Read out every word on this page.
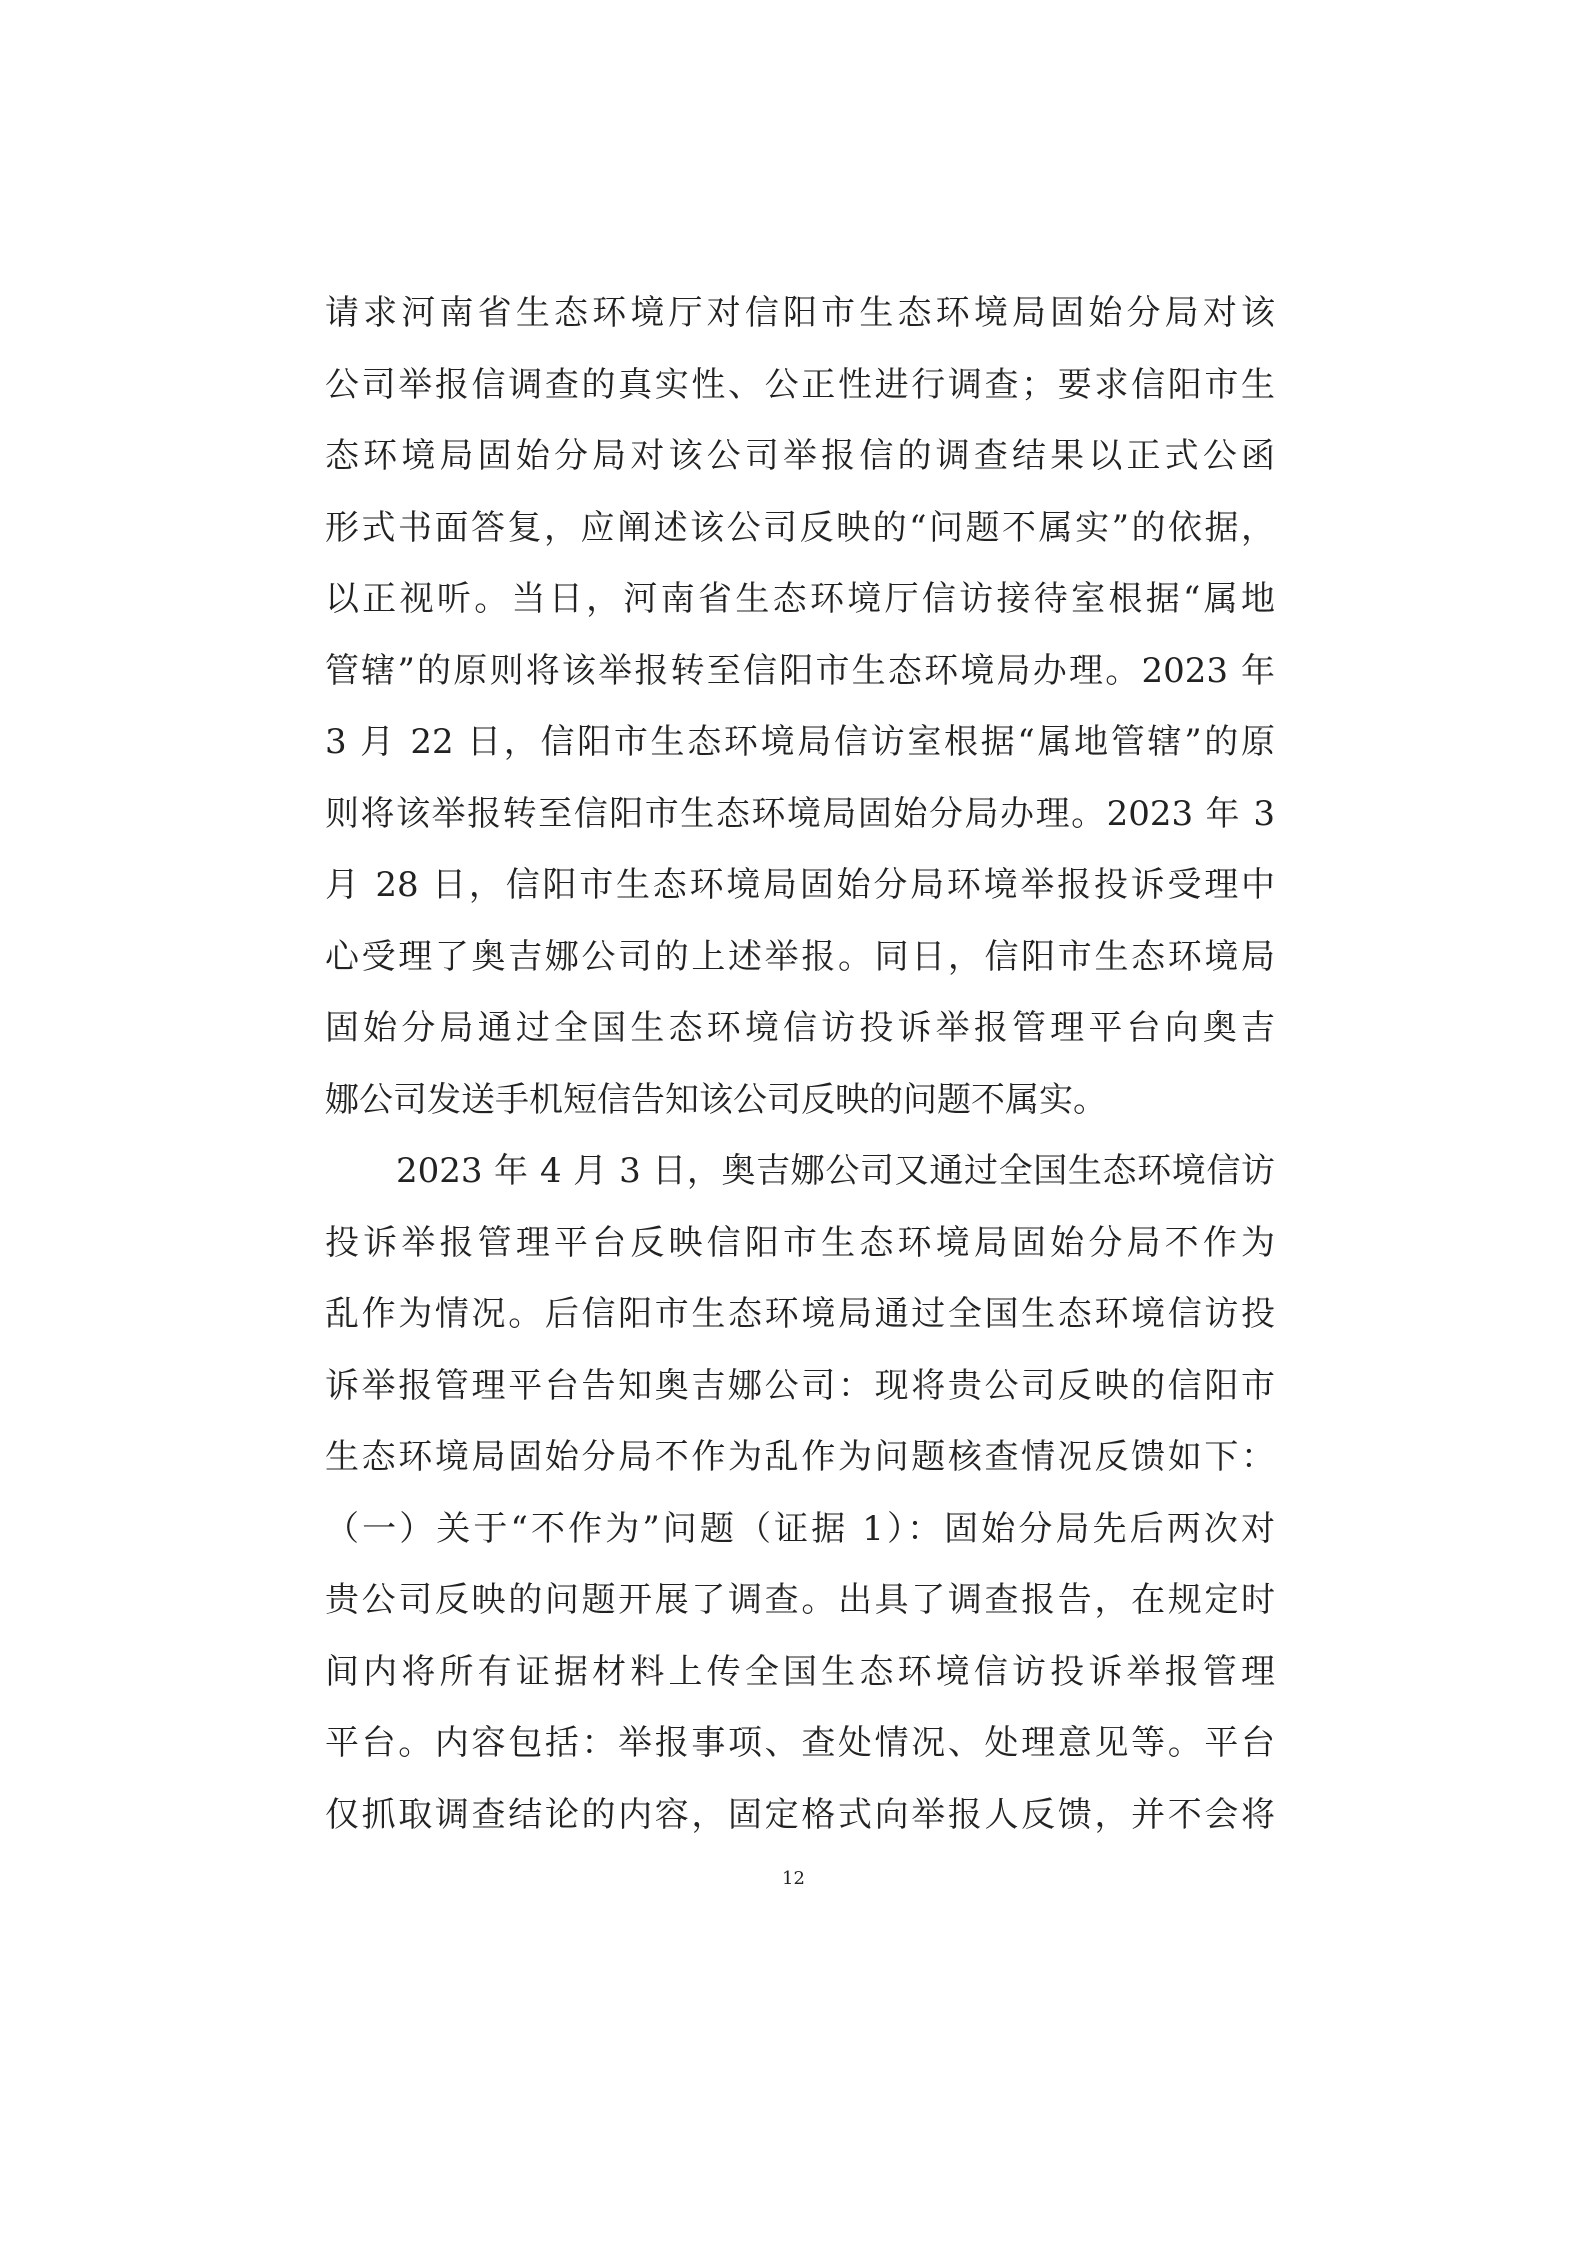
请求河南省生态环境厅对信阳市生态环境局固始分局对该
公司举报信调查的真实性、公正性进行调查；要求信阳市生
态环境局固始分局对该公司举报信的调查结果以正式公函
形式书面答复，应阐述该公司反映的“问题不属实”的依据，
以正视听。当日，河南省生态环境厅信访接待室根据“属地
管辖”的原则将该举报转至信阳市生态环境局办理。2023 年
3 月 22 日，信阳市生态环境局信访室根据“属地管辖”的原
则将该举报转至信阳市生态环境局固始分局办理。2023 年 3
月 28 日，信阳市生态环境局固始分局环境举报投诉受理中
心受理了奥吉娜公司的上述举报。同日，信阳市生态环境局
固始分局通过全国生态环境信访投诉举报管理平台向奥吉
娜公司发送手机短信告知该公司反映的问题不属实。
2023 年 4 月 3 日，奥吉娜公司又通过全国生态环境信访
投诉举报管理平台反映信阳市生态环境局固始分局不作为
乱作为情况。后信阳市生态环境局通过全国生态环境信访投
诉举报管理平台告知奥吉娜公司：现将贵公司反映的信阳市
生态环境局固始分局不作为乱作为问题核查情况反馈如下：
（一）关于“不作为”问题（证据 1）：固始分局先后两次对
贵公司反映的问题开展了调查。出具了调查报告，在规定时
间内将所有证据材料上传全国生态环境信访投诉举报管理
平台。内容包括：举报事项、查处情况、处理意见等。平台
仅抓取调查结论的内容，固定格式向举报人反馈，并不会将
12
